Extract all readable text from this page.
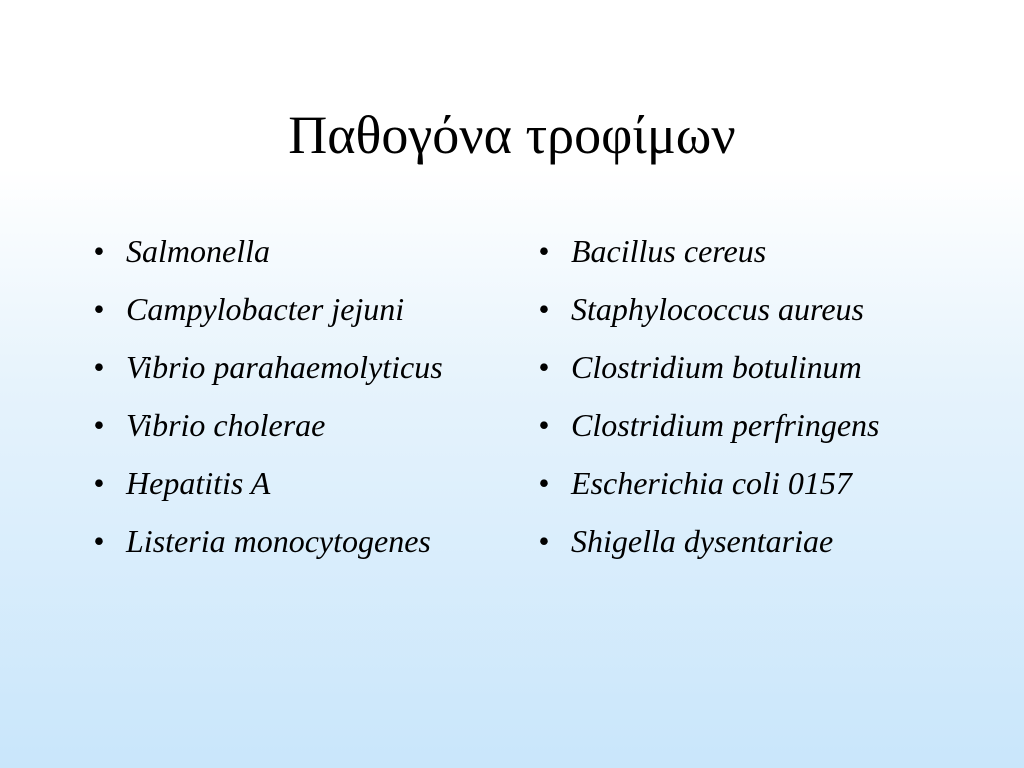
Παθογόνα τροφίμων
• Salmonella
• Campylobacter jejuni
• Vibrio parahaemolyticus
• Vibrio cholerae
• Hepatitis A
• Listeria monocytogenes
• Bacillus cereus
• Staphylococcus aureus
• Clostridium botulinum
• Clostridium perfringens
• Escherichia coli 0157
• Shigella dysentariae
